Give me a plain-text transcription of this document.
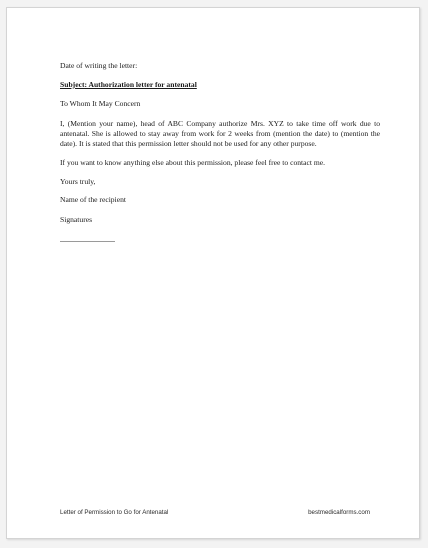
Date of writing the letter:

Subject: Authorization letter for antenatal

To Whom It May Concern

I, (Mention your name), head of ABC Company authorize Mrs. XYZ to take time off work due to antenatal. She is allowed to stay away from work for 2 weeks from (mention the date) to (mention the date). It is stated that this permission letter should not be used for any other purpose.

If you want to know anything else about this permission, please feel free to contact me.

Yours truly,

Name of the recipient

Signatures

Letter of Permission to Go for Antenatal	bestmedicalforms.com
